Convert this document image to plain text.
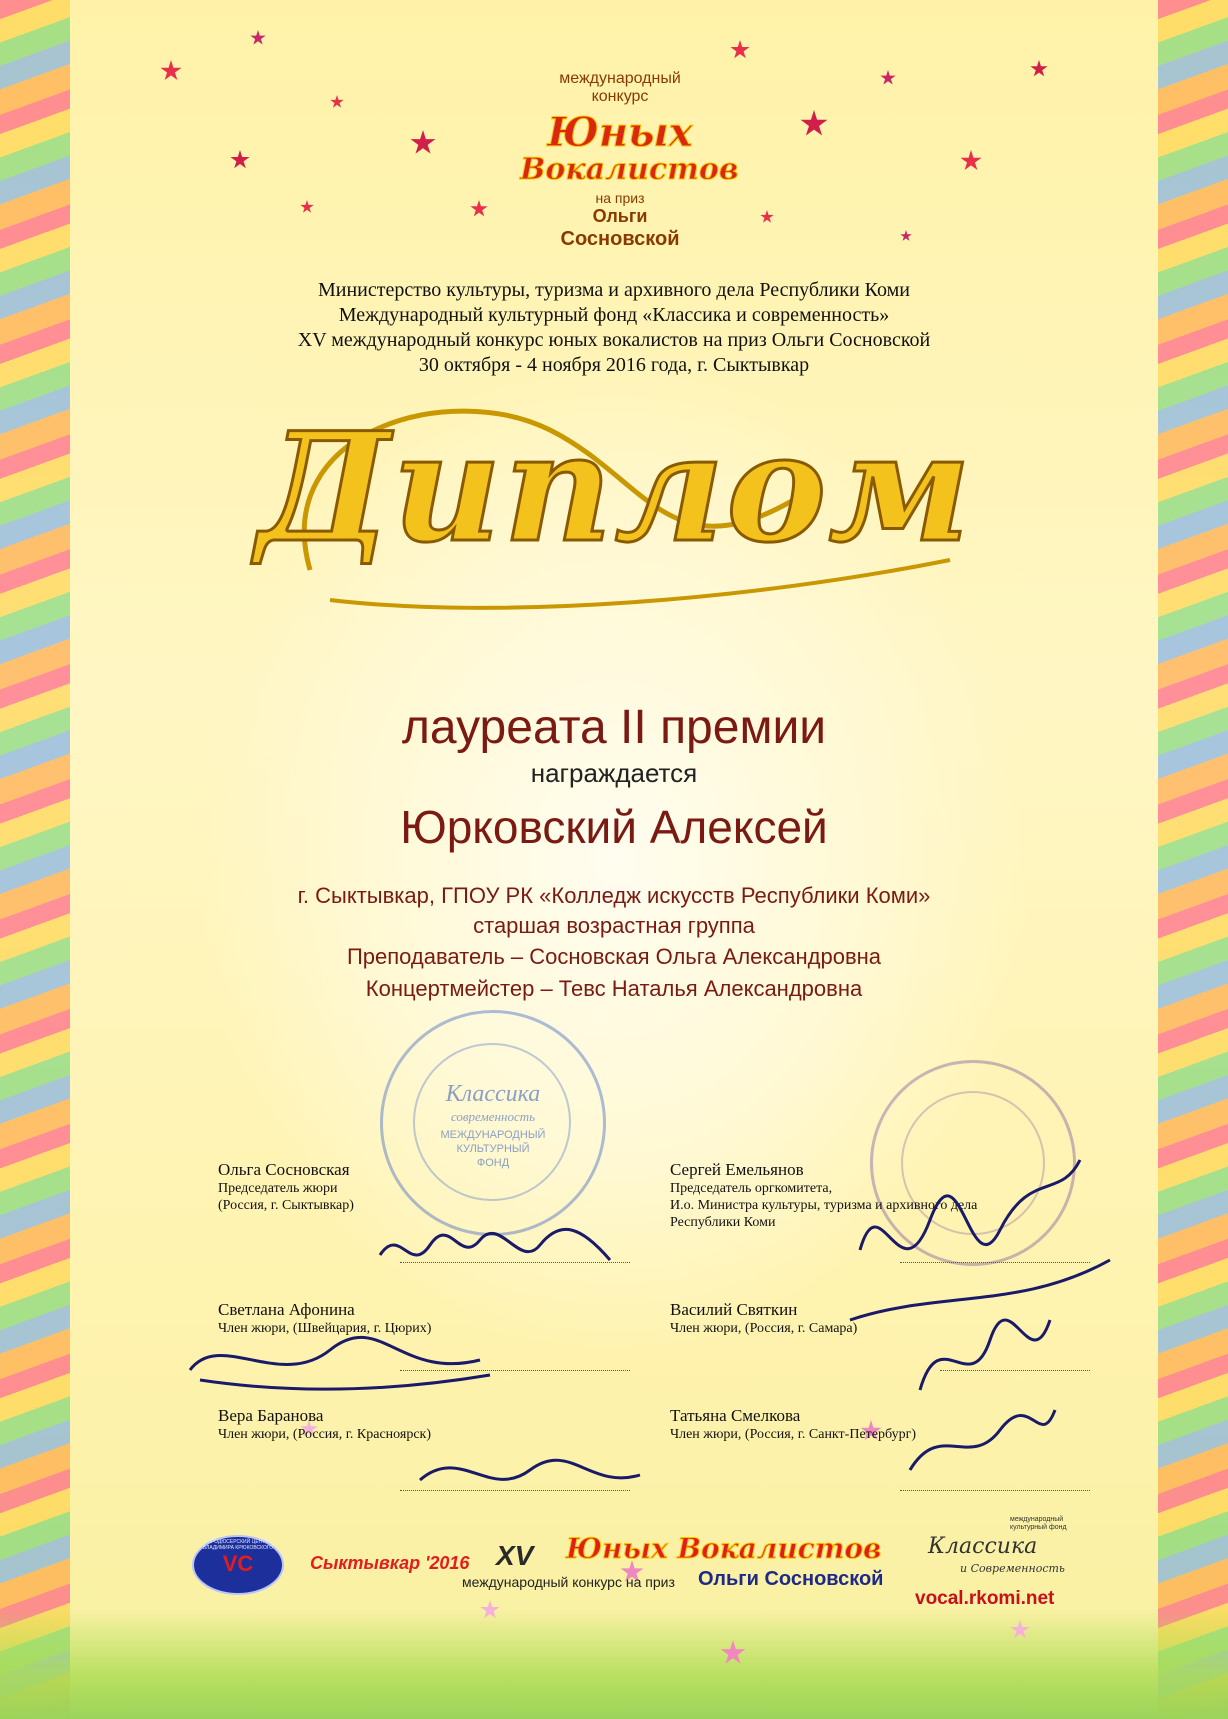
международный
конкурс
Юных
Вокалистов
на приз
Ольги
Сосновской
Министерство культуры, туризма и архивного дела Республики Коми
Международный культурный фонд «Классика и современность»
XV международный конкурс юных вокалистов на приз Ольги Сосновской
30 октября - 4 ноября 2016 года, г. Сыктывкар
Диплом
лауреата II премии
награждается
Юрковский Алексей
г. Сыктывкар, ГПОУ РК «Колледж искусств Республики Коми»
старшая возрастная группа
Преподаватель – Сосновская Ольга Александровна
Концертмейстер – Тевс Наталья Александровна
Классика
современность
МЕЖДУНАРОДНЫЙ
КУЛЬТУРНЫЙ
ФОНД
Ольга Сосновская
Председатель жюри
(Россия, г. Сыктывкар)
Сергей Емельянов
Председатель оргкомитета,
И.о. Министра культуры, туризма и архивного дела
Республики Коми
Светлана Афонина
Член жюри, (Швейцария, г. Цюрих)
Василий Святкин
Член жюри, (Россия, г. Самара)
Вера Баранова
Член жюри, (Россия, г. Красноярск)
Татьяна Смелкова
Член жюри, (Россия, г. Санкт-Петербург)
VC
ПРОДЮСЕРСКИЙ ЦЕНТР ВЛАДИМИРА КРЮКОВСКОГО
Сыктывкар '2016 XV Юных Вокалистов
международный конкурс на приз Ольги Сосновской
Классика
и Современность
международный культурный фонд
vocal.rkomi.net
